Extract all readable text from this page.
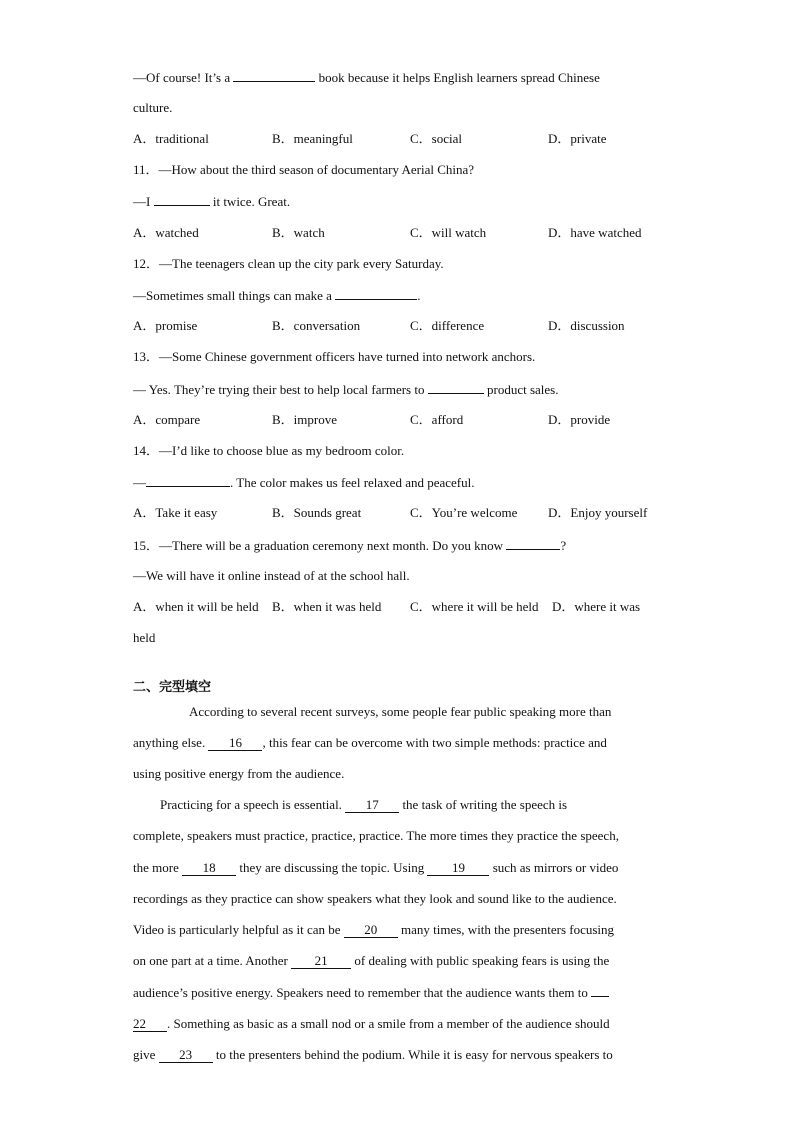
—Of course! It’s a	book because it helps English learners spread Chinese
culture.
A．traditional	B．meaningful	C．social	D．private
11．—How about the third season of documentary Aerial China?
—I	it twice. Great.
A．watched	B．watch	C．will watch	D．have watched
12．—The teenagers clean up the city park every Saturday.
—Sometimes small things can make a	.
A．promise	B．conversation	C．difference	D．discussion
13．—Some Chinese government officers have turned into network anchors.
— Yes. They’re trying their best to help local farmers to	product sales.
A．compare	B．improve	C．afford	D．provide
14．—I’d like to choose blue as my bedroom color.
—	. The color makes us feel relaxed and peaceful.
A．Take it easy	B．Sounds great	C．You’re welcome D．Enjoy yourself
15．—There will be a graduation ceremony next month. Do you know	?
—We will have it online instead of at the school hall.
A．when it will be held B．when it was held C．where it will be held D．where it was
held
二、完型填空
According to several recent surveys, some people fear public speaking more than
anything else. 16 , this fear can be overcome with two simple methods: practice and
using positive energy from the audience.
Practicing for a speech is essential. 17 the task of writing the speech is
complete, speakers must practice, practice, practice. The more times they practice the speech,
the more 18 they are discussing the topic. Using 19 such as mirrors or video
recordings as they practice can show speakers what they look and sound like to the audience.
Video is particularly helpful as it can be 20 many times, with the presenters focusing
on one part at a time. Another 21 of dealing with public speaking fears is using the
audience’s positive energy. Speakers need to remember that the audience wants them to
22 . Something as basic as a small nod or a smile from a member of the audience should
give 23 to the presenters behind the podium. While it is easy for nervous speakers to
